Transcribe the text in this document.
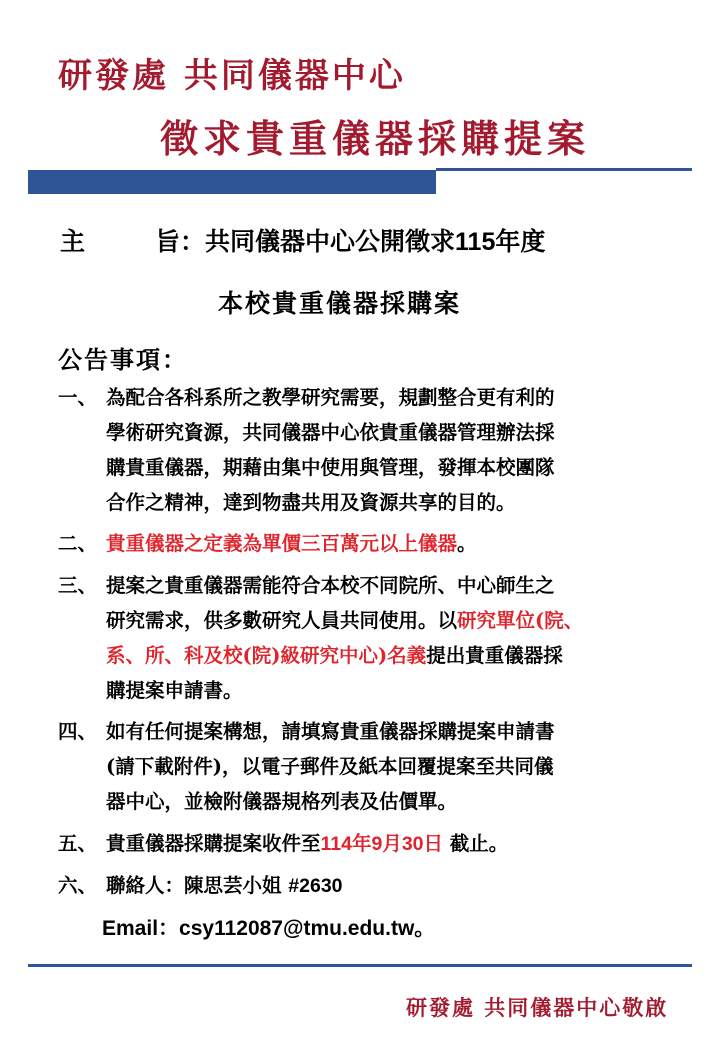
研發處 共同儀器中心
徵求貴重儀器採購提案
主	旨：共同儀器中心公開徵求115年度
本校貴重儀器採購案
公告事項：
一、 為配合各科系所之教學研究需要，規劃整合更有利的
學術研究資源，共同儀器中心依貴重儀器管理辦法採
購貴重儀器，期藉由集中使用與管理，發揮本校團隊
合作之精神，達到物盡共用及資源共享的目的。
二、 貴重儀器之定義為單價三百萬元以上儀器。
三、 提案之貴重儀器需能符合本校不同院所、中心師生之
研究需求，供多數研究人員共同使用。以研究單位(院、
系、所、科及校(院)級研究中心)名義提出貴重儀器採
購提案申請書。
四、 如有任何提案構想，請填寫貴重儀器採購提案申請書
(請下載附件)，以電子郵件及紙本回覆提案至共同儀
器中心，並檢附儀器規格列表及估價單。
五、 貴重儀器採購提案收件至114年9月30日 截止。
六、 聯絡人：陳思芸小姐 #2630
Email：csy112087@tmu.edu.tw。
研發處 共同儀器中心敬啟
